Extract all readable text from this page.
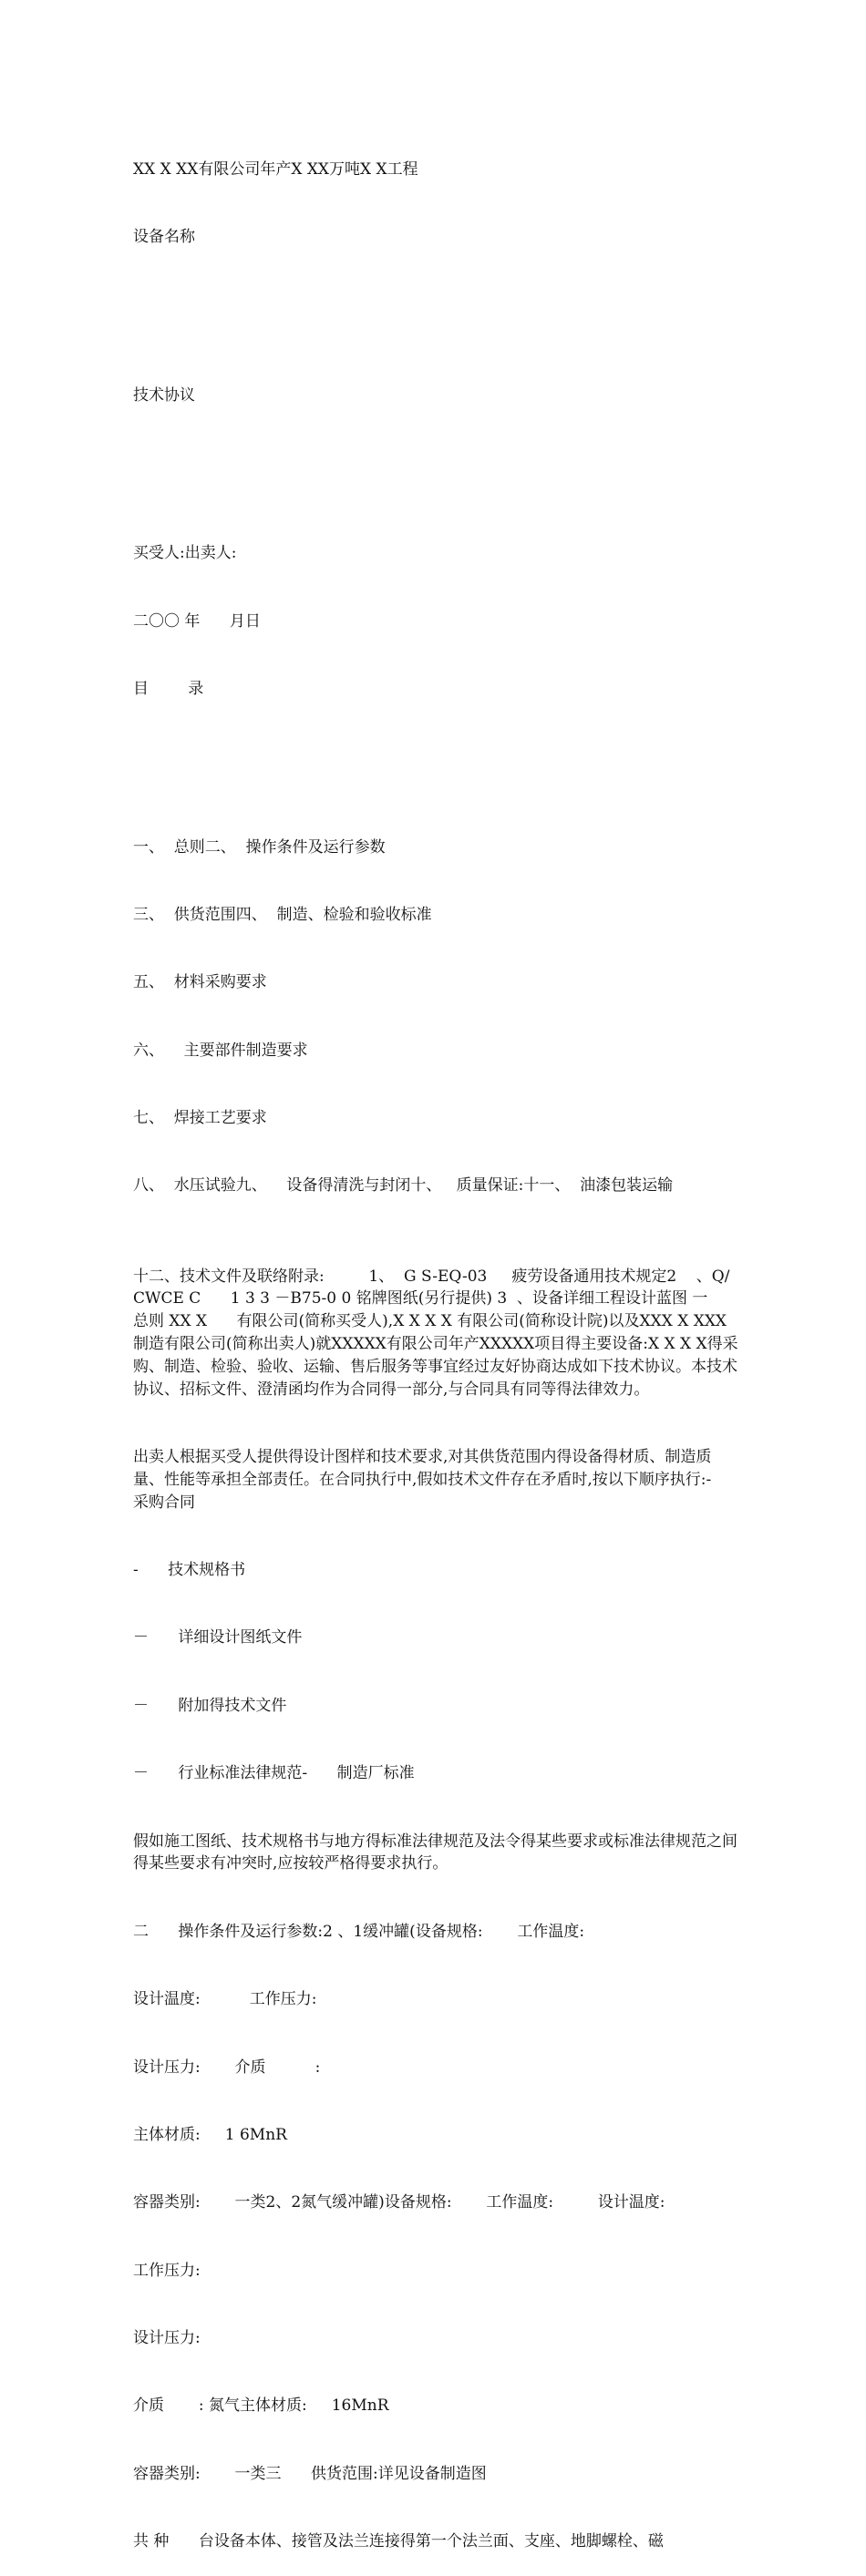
XX X XX有限公司年产X XX万吨X X工程

设备名称

技术协议

买受人:出卖人:

二〇〇 年      月日

目        录

一、  总则二、  操作条件及运行参数

三、  供货范围四、  制造、检验和验收标准

五、  材料采购要求

六、    主要部件制造要求

七、  焊接工艺要求

八、  水压试验九、    设备得清洗与封闭十、   质量保证:十一、  油漆包装运输

十二、技术文件及联络附录:         1、  G S-EQ-03     疲劳设备通用技术规定2    、Q/CWCE C      1 3 3 －B75-0 0 铭牌图纸(另行提供) 3  、设备详细工程设计蓝图 一      总则 XX X      有限公司(简称买受人),X X X X 有限公司(简称设计院)以及XXX X XXX制造有限公司(简称出卖人)就XXXXX有限公司年产XXXXX项目得主要设备:X X X X得采购、制造、检验、验收、运输、售后服务等事宜经过友好协商达成如下技术协议。本技术协议、招标文件、澄清函均作为合同得一部分,与合同具有同等得法律效力。

出卖人根据买受人提供得设计图样和技术要求,对其供货范围内得设备得材质、制造质量、性能等承担全部责任。在合同执行中,假如技术文件存在矛盾时,按以下顺序执行:-      采购合同

-      技术规格书

－      详细设计图纸文件

－      附加得技术文件

－      行业标准法律规范-      制造厂标准

假如施工图纸、技术规格书与地方得标准法律规范及法令得某些要求或标准法律规范之间得某些要求有冲突时,应按较严格得要求执行。

二      操作条件及运行参数:2 、1缓冲罐(设备规格:       工作温度:

设计温度:          工作压力:

设计压力:       介质          :

主体材质:     1 6MnR

容器类别:       一类2、2氮气缓冲罐)设备规格:       工作温度:         设计温度:

工作压力:

设计压力:

介质       : 氮气主体材质:     16MnR

容器类别:       一类三      供货范围:详见设备制造图

共 种      台设备本体、接管及法兰连接得第一个法兰面、支座、地脚螺栓、磁
